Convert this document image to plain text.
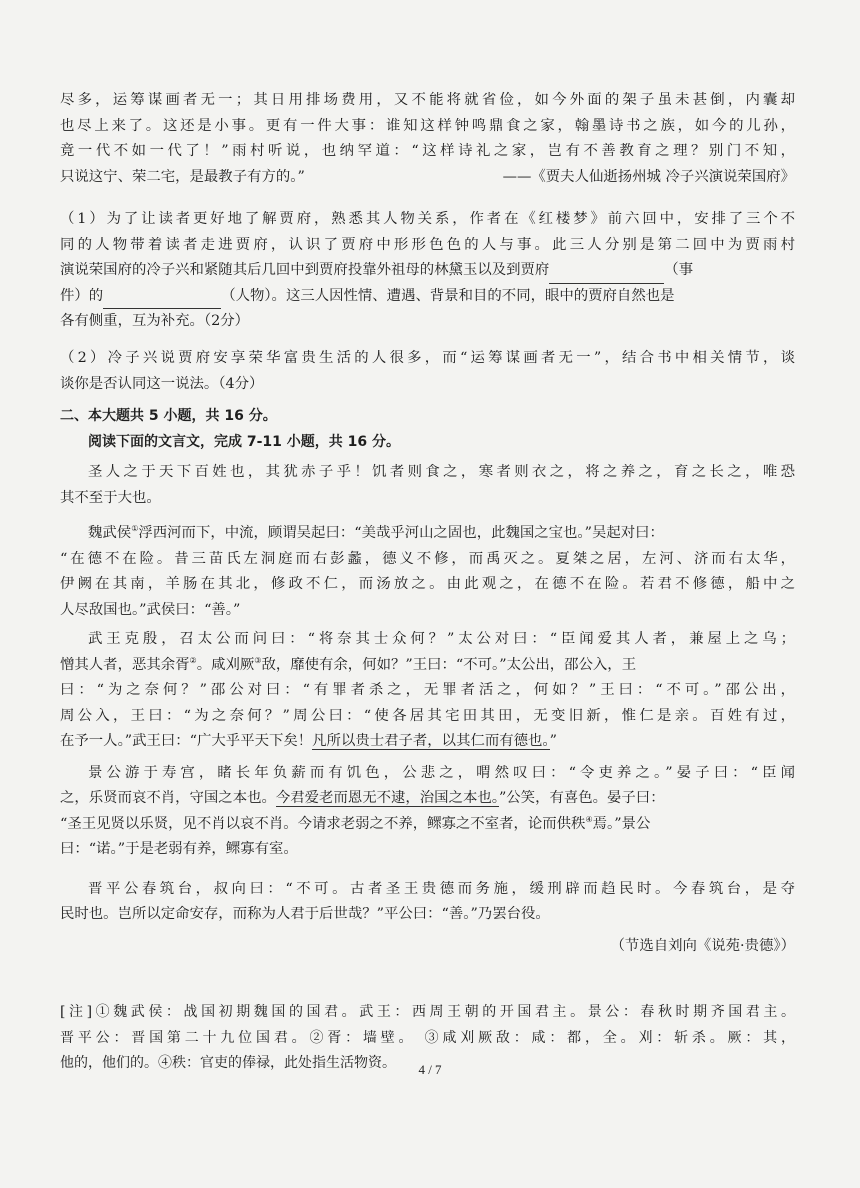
尽多，运筹谋画者无一；其日用排场费用，又不能将就省俭，如今外面的架子虽未甚倒，内囊却
也尽上来了。这还是小事。更有一件大事：谁知这样钟鸣鼎食之家，翰墨诗书之族，如今的儿孙，
竟一代不如一代了！”雨村听说，也纳罕道：“这样诗礼之家，岂有不善教育之理？别门不知，
只说这宁、荣二宅，是最教子有方的。”	——《贾夫人仙逝扬州城 冷子兴演说荣国府》
（1）为了让读者更好地了解贾府，熟悉其人物关系，作者在《红楼梦》前六回中，安排了三个不
同的人物带着读者走进贾府，认识了贾府中形形色色的人与事。此三人分别是第二回中为贾雨村
演说荣国府的冷子兴和紧随其后几回中到贾府投靠外祖母的林黛玉以及到贾府	（事
件）的	（人物）。这三人因性情、遭遇、背景和目的不同，眼中的贾府自然也是
各有侧重，互为补充。（2分）
（2）冷子兴说贾府安享荣华富贵生活的人很多，而“运筹谋画者无一”，结合书中相关情节，谈
谈你是否认同这一说法。（4分）
二、本大题共 5 小题，共 16 分。
阅读下面的文言文，完成 7-11 小题，共 16 分。
圣人之于天下百姓也，其犹赤子乎！饥者则食之，寒者则衣之，将之养之，育之长之，唯恐
其不至于大也。
魏武侯①浮西河而下，中流，顾谓吴起曰：“美哉乎河山之固也，此魏国之宝也。”吴起对曰：
“在德不在险。昔三苗氏左洞庭而右彭蠡，德义不修，而禹灭之。夏桀之居，左河、济而右太华，
伊阙在其南，羊肠在其北，修政不仁，而汤放之。由此观之，在德不在险。若君不修德，船中之
人尽敌国也。”武侯曰：“善。”
武王克殷，召太公而问曰：“将奈其士众何？”太公对曰：“臣闻爱其人者，兼屋上之乌；
憎其人者，恶其余胥②。咸刈厥③敌，靡使有余，何如？”王曰：“不可。”太公出，邵公入，王
曰：“为之奈何？”邵公对曰：“有罪者杀之，无罪者活之，何如？”王曰：“不可。”邵公出，
周公入，王曰：“为之奈何？”周公曰：“使各居其宅田其田，无变旧新，惟仁是亲。百姓有过，
在予一人。”武王曰：“广大乎平天下矣！凡所以贵士君子者，以其仁而有德也。”
景公游于寿宫，睹长年负薪而有饥色，公悲之，喟然叹曰：“令吏养之。”晏子曰：“臣闻
之，乐贤而哀不肖，守国之本也。今君爱老而恩无不逮，治国之本也。”公笑，有喜色。晏子曰：
“圣王见贤以乐贤，见不肖以哀不肖。今请求老弱之不养，鳏寡之不室者，论而供秩④焉。”景公
曰：“诺。”于是老弱有养，鳏寡有室。
晋平公春筑台，叔向曰：“不可。古者圣王贵德而务施，缓刑辟而趋民时。今春筑台，是夺
民时也。岂所以定命安存，而称为人君于后世哉？”平公曰：“善。”乃罢台役。
（节选自刘向《说苑·贵德》）
[注]①魏武侯：战国初期魏国的国君。武王：西周王朝的开国君主。景公：春秋时期齐国君主。
晋平公：晋国第二十九位国君。②胥：墙壁。 ③咸刈厥敌：咸：都，全。刈：斩杀。厥：其，
他的，他们的。④秩：官吏的俸禄，此处指生活物资。	4 / 7
